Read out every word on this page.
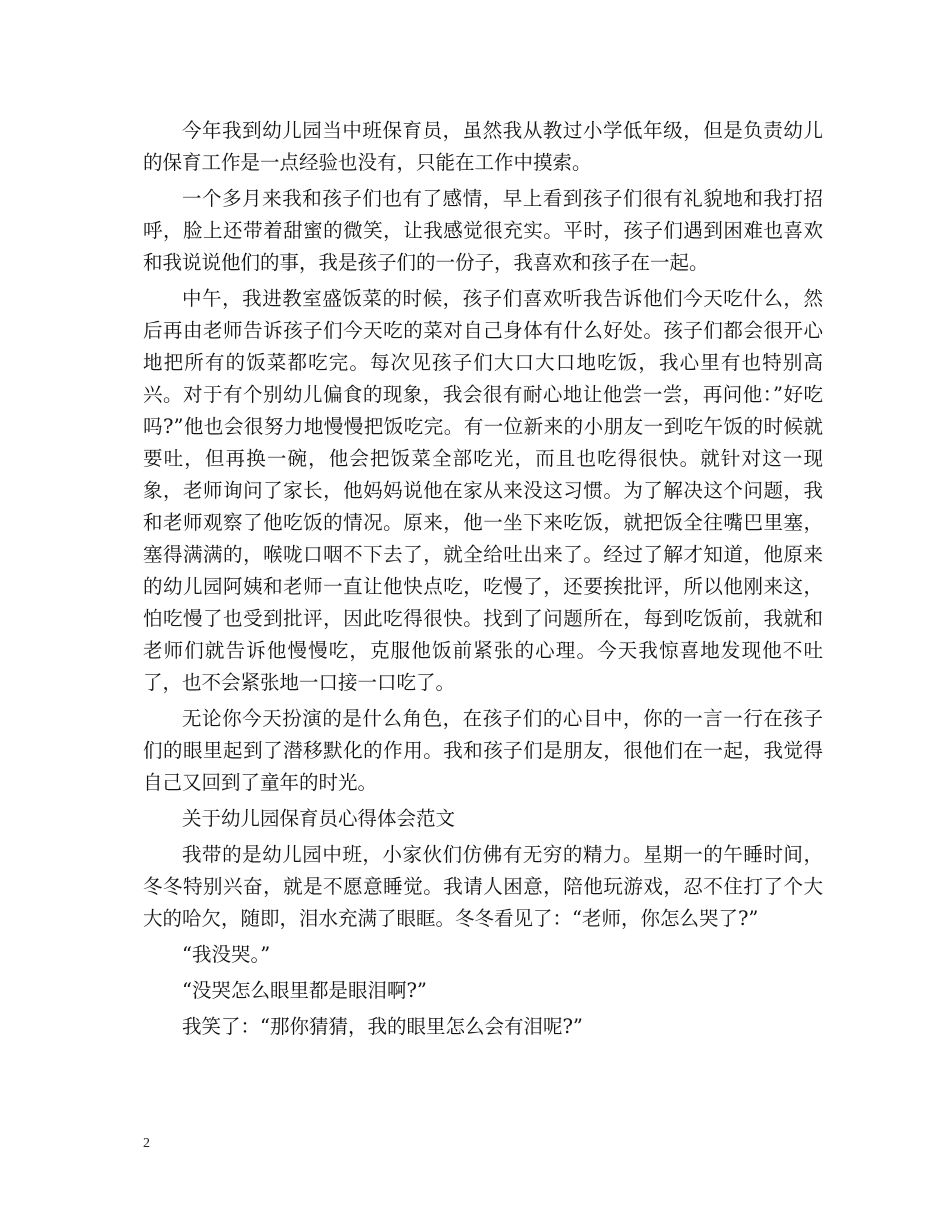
今年我到幼儿园当中班保育员，虽然我从教过小学低年级，但是负责幼儿的保育工作是一点经验也没有，只能在工作中摸索。

一个多月来我和孩子们也有了感情，早上看到孩子们很有礼貌地和我打招呼，脸上还带着甜蜜的微笑，让我感觉很充实。平时，孩子们遇到困难也喜欢和我说说他们的事，我是孩子们的一份子，我喜欢和孩子在一起。

中午，我进教室盛饭菜的时候，孩子们喜欢听我告诉他们今天吃什么，然后再由老师告诉孩子们今天吃的菜对自己身体有什么好处。孩子们都会很开心地把所有的饭菜都吃完。每次见孩子们大口大口地吃饭，我心里有也特别高兴。对于有个别幼儿偏食的现象，我会很有耐心地让他尝一尝，再问他：”好吃吗?”他也会很努力地慢慢把饭吃完。有一位新来的小朋友一到吃午饭的时候就要吐，但再换一碗，他会把饭菜全部吃光，而且也吃得很快。就针对这一现象，老师询问了家长，他妈妈说他在家从来没这习惯。为了解决这个问题，我和老师观察了他吃饭的情况。原来，他一坐下来吃饭，就把饭全往嘴巴里塞，塞得满满的，喉咙口咽不下去了，就全给吐出来了。经过了解才知道，他原来的幼儿园阿姨和老师一直让他快点吃，吃慢了，还要挨批评，所以他刚来这，怕吃慢了也受到批评，因此吃得很快。找到了问题所在，每到吃饭前，我就和老师们就告诉他慢慢吃，克服他饭前紧张的心理。今天我惊喜地发现他不吐了，也不会紧张地一口接一口吃了。

无论你今天扮演的是什么角色，在孩子们的心目中，你的一言一行在孩子们的眼里起到了潜移默化的作用。我和孩子们是朋友，很他们在一起，我觉得自己又回到了童年的时光。

关于幼儿园保育员心得体会范文

我带的是幼儿园中班，小家伙们仿佛有无穷的精力。星期一的午睡时间，冬冬特别兴奋，就是不愿意睡觉。我请人困意，陪他玩游戏，忍不住打了个大大的哈欠，随即，泪水充满了眼眶。冬冬看见了：“老师，你怎么哭了?”

“我没哭。”

“没哭怎么眼里都是眼泪啊?”

我笑了：“那你猜猜，我的眼里怎么会有泪呢?”

2
